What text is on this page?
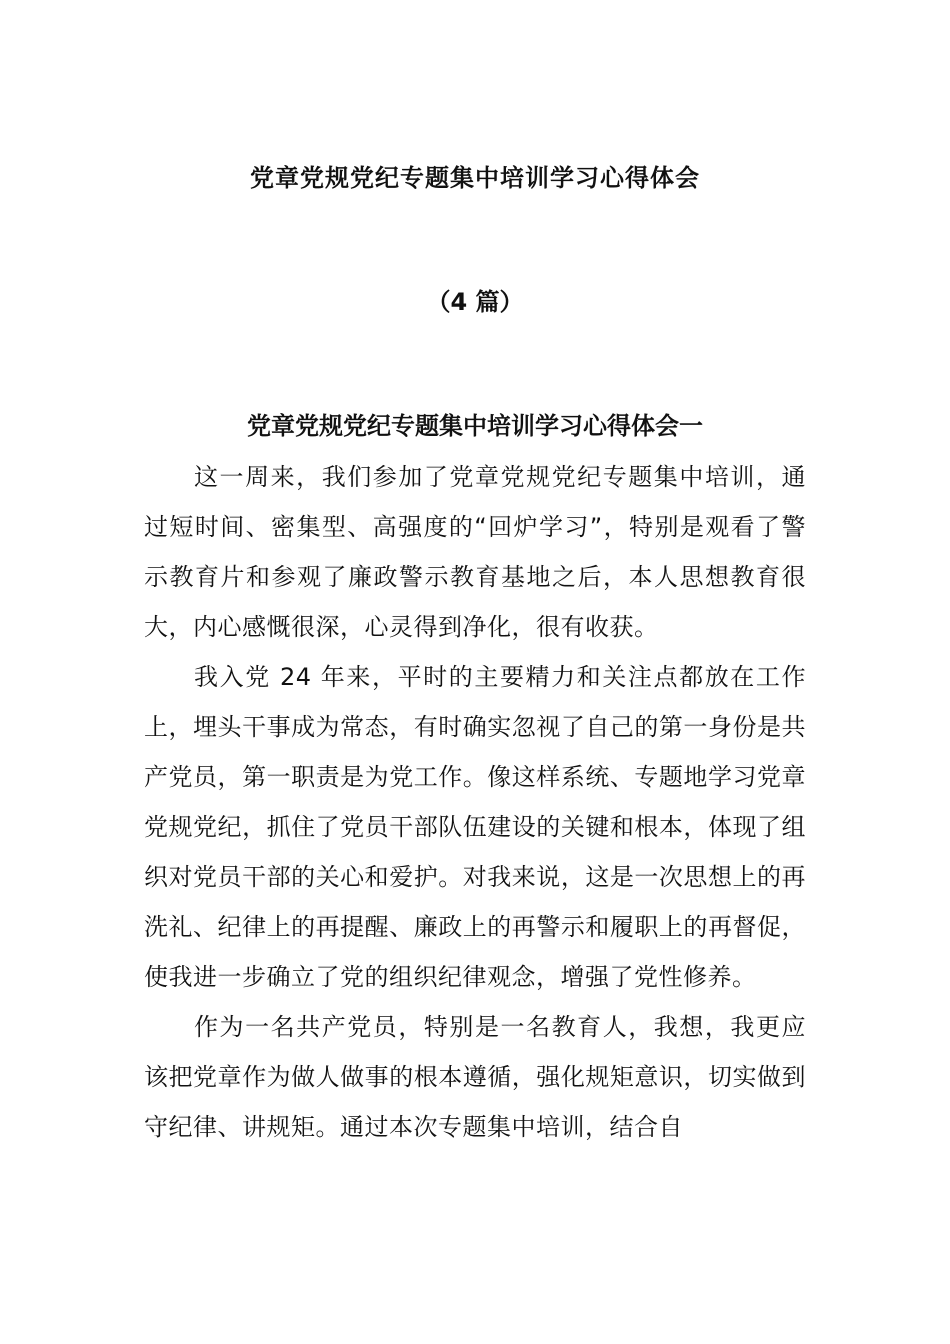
党章党规党纪专题集中培训学习心得体会
（4 篇）
党章党规党纪专题集中培训学习心得体会一

这一周来，我们参加了党章党规党纪专题集中培训，通过短时间、密集型、高强度的“回炉学习”，特别是观看了警示教育片和参观了廉政警示教育基地之后，本人思想教育很大，内心感慨很深，心灵得到净化，很有收获。

我入党 24 年来，平时的主要精力和关注点都放在工作上，埋头干事成为常态，有时确实忽视了自己的第一身份是共产党员，第一职责是为党工作。像这样系统、专题地学习党章党规党纪，抓住了党员干部队伍建设的关键和根本，体现了组织对党员干部的关心和爱护。对我来说，这是一次思想上的再洗礼、纪律上的再提醒、廉政上的再警示和履职上的再督促，使我进一步确立了党的组织纪律观念，增强了党性修养。

作为一名共产党员，特别是一名教育人，我想，我更应该把党章作为做人做事的根本遵循，强化规矩意识，切实做到守纪律、讲规矩。通过本次专题集中培训，结合自
